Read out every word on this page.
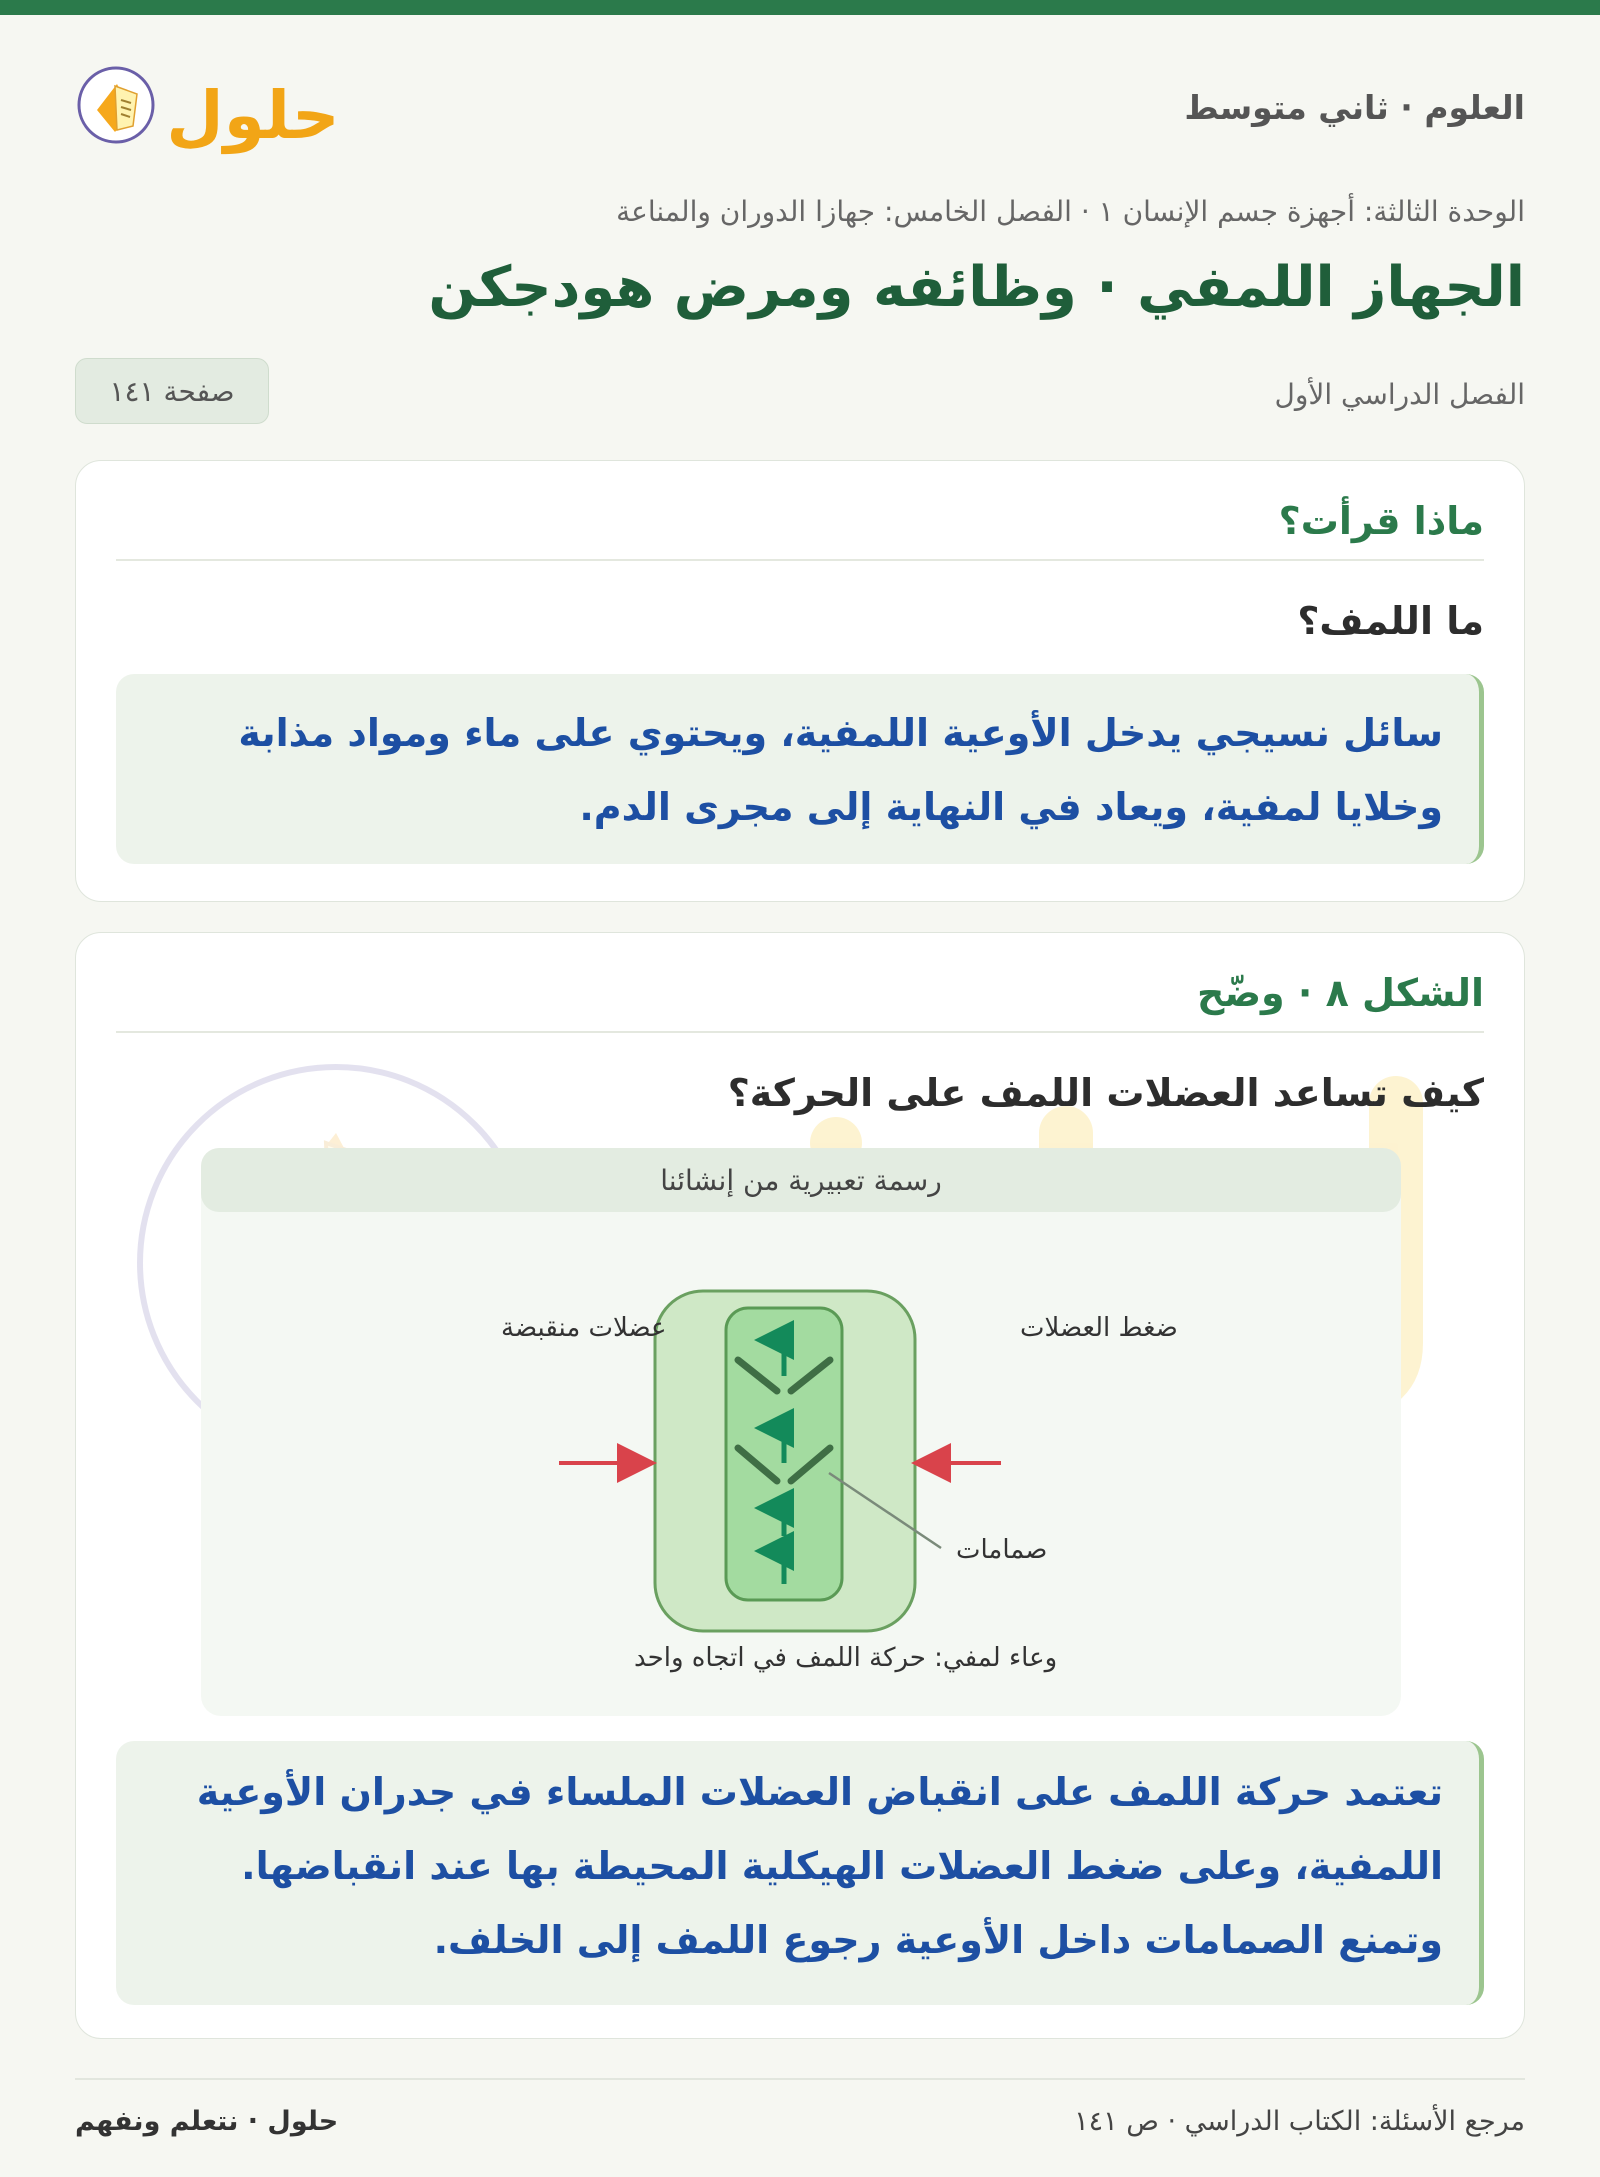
العلوم · ثاني متوسط
حلول
الوحدة الثالثة: أجهزة جسم الإنسان ١ · الفصل الخامس: جهازا الدوران والمناعة
الجهاز اللمفي · وظائفه ومرض هودجكن
الفصل الدراسي الأول
صفحة ١٤١
ماذا قرأت؟
ما اللمف؟
سائل نسيجي يدخل الأوعية اللمفية، ويحتوي على ماء ومواد مذابة وخلايا لمفية، ويعاد في النهاية إلى مجرى الدم.
الشكل ٨ · وضّح
كيف تساعد العضلات اللمف على الحركة؟
رسمة تعبيرية من إنشائنا
عضلات منقبضة	ضغط العضلات
صمامات
وعاء لمفي: حركة اللمف في اتجاه واحد
تعتمد حركة اللمف على انقباض العضلات الملساء في جدران الأوعية اللمفية، وعلى ضغط العضلات الهيكلية المحيطة بها عند انقباضها. وتمنع الصمامات داخل الأوعية رجوع اللمف إلى الخلف.
مرجع الأسئلة: الكتاب الدراسي · ص ١٤١
حلول · نتعلم ونفهم
